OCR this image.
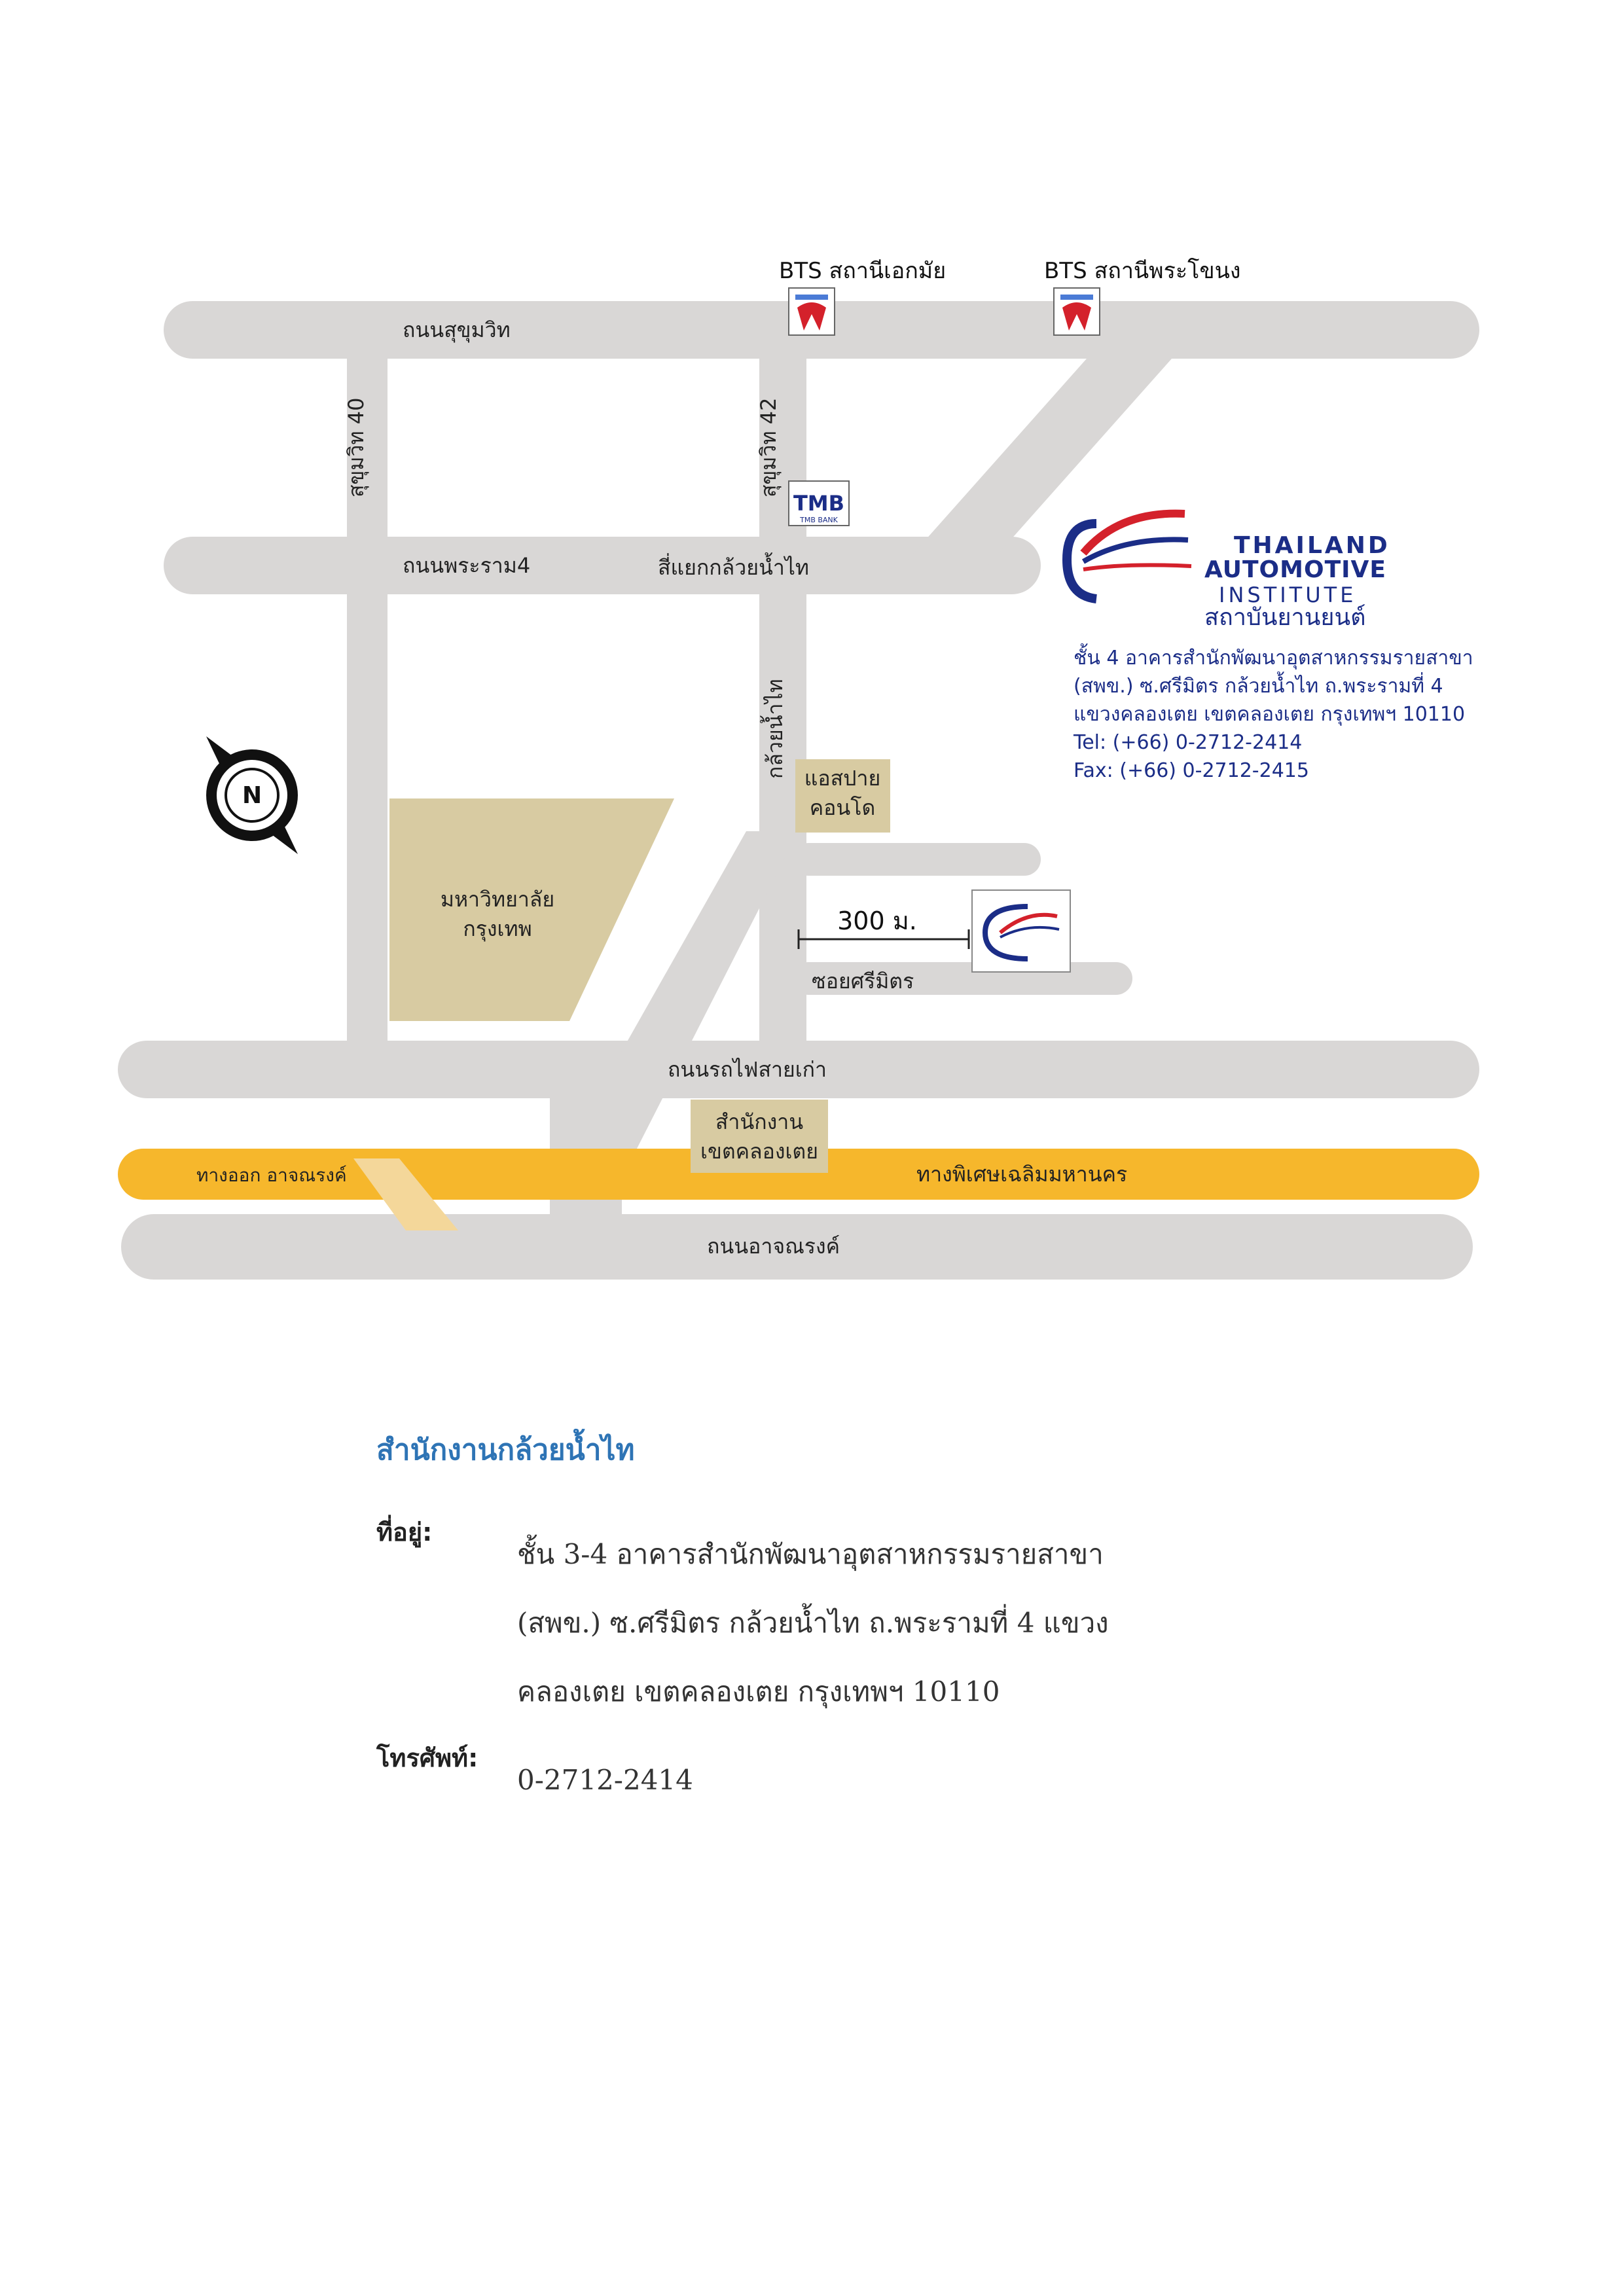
TMB
TMB BANK
N
300 ม.
THAILAND
AUTOMOTIVE
INSTITUTE
สถาบันยานยนต์
ชั้น 4 อาคารสำนักพัฒนาอุตสาหกรรมรายสาขา
(สพข.) ซ.ศรีมิตร กล้วยน้ำไท ถ.พระรามที่ 4
แขวงคลองเตย เขตคลองเตย กรุงเทพฯ 10110
Tel: (+66) 0-2712-2414
Fax: (+66) 0-2712-2415
BTS สถานีเอกมัย	BTS สถานีพระโขนง
ถนนสุขุมวิท
สุขุมวิท 40	สุขุมวิท 42
ถนนพระราม4	สี่แยกกล้วยน้ำไท
กล้วยน้ำไท แอสปาย
คอนโด
มหาวิทยาลัย
กรุงเทพ
ซอยศรีมิตร
ถนนรถไฟสายเก่า
สำนักงาน
เขตคลองเตย
ทางออก อาจณรงค์	ทางพิเศษเฉลิมมหานคร
ถนนอาจณรงค์
สำนักงานกล้วยน้ำไท
ที่อยู่:
ชั้น 3-4 อาคารสำนักพัฒนาอุตสาหกรรมรายสาขา
(สพข.) ซ.ศรีมิตร กล้วยน้ำไท ถ.พระรามที่ 4 แขวง
คลองเตย เขตคลองเตย กรุงเทพฯ 10110
โทรศัพท์:
0-2712-2414
